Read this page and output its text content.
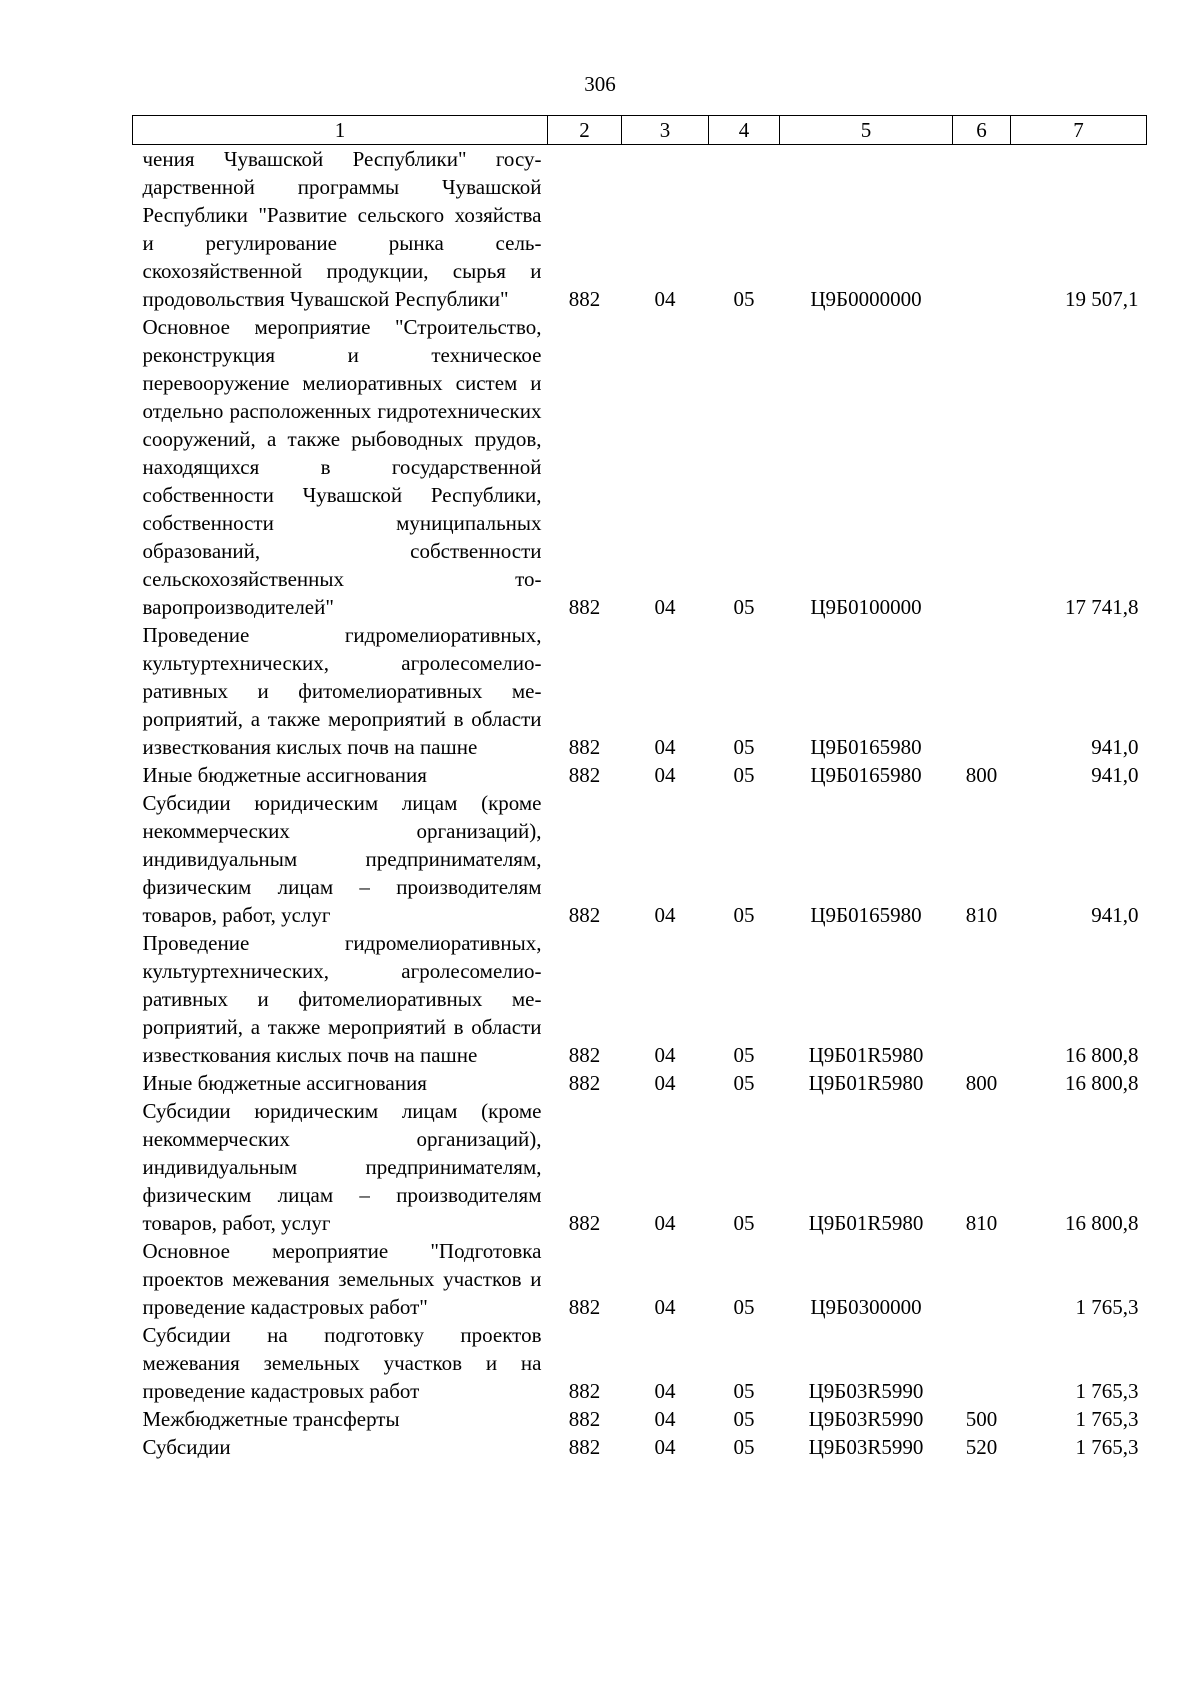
306
1	2	3	4	5	6	7
чения Чувашской Республики" государственной программы Чувашской Республики "Развитие сельского хозяйства и регулирование рынка сельскохозяйственной продукции, сырья и продовольствия Чувашской Республики"	882	04	05	Ц9Б0000000		19 507,1
Основное мероприятие "Строительство, реконструкция и техническое перевооружение мелиоративных систем и отдельно расположенных гидротехнических сооружений, а также рыбоводных прудов, находящихся в государственной собственности Чувашской Республики, собственности муниципальных образований, собственности сельскохозяйственных товаропроизводителей"	882	04	05	Ц9Б0100000		17 741,8
Проведение гидромелиоративных, культуртехнических, агролесомелиоративных и фитомелиоративных мероприятий, а также мероприятий в области известкования кислых почв на пашне	882	04	05	Ц9Б0165980		941,0
Иные бюджетные ассигнования	882	04	05	Ц9Б0165980	800	941,0
Субсидии юридическим лицам (кроме некоммерческих организаций), индивидуальным предпринимателям, физическим лицам – производителям товаров, работ, услуг	882	04	05	Ц9Б0165980	810	941,0
Проведение гидромелиоративных, культуртехнических, агролесомелиоративных и фитомелиоративных мероприятий, а также мероприятий в области известкования кислых почв на пашне	882	04	05	Ц9Б01R5980		16 800,8
Иные бюджетные ассигнования	882	04	05	Ц9Б01R5980	800	16 800,8
Субсидии юридическим лицам (кроме некоммерческих организаций), индивидуальным предпринимателям, физическим лицам – производителям товаров, работ, услуг	882	04	05	Ц9Б01R5980	810	16 800,8
Основное мероприятие "Подготовка проектов межевания земельных участков и проведение кадастровых работ"	882	04	05	Ц9Б0300000		1 765,3
Субсидии на подготовку проектов межевания земельных участков и на проведение кадастровых работ	882	04	05	Ц9Б03R5990		1 765,3
Межбюджетные трансферты	882	04	05	Ц9Б03R5990	500	1 765,3
Субсидии	882	04	05	Ц9Б03R5990	520	1 765,3
